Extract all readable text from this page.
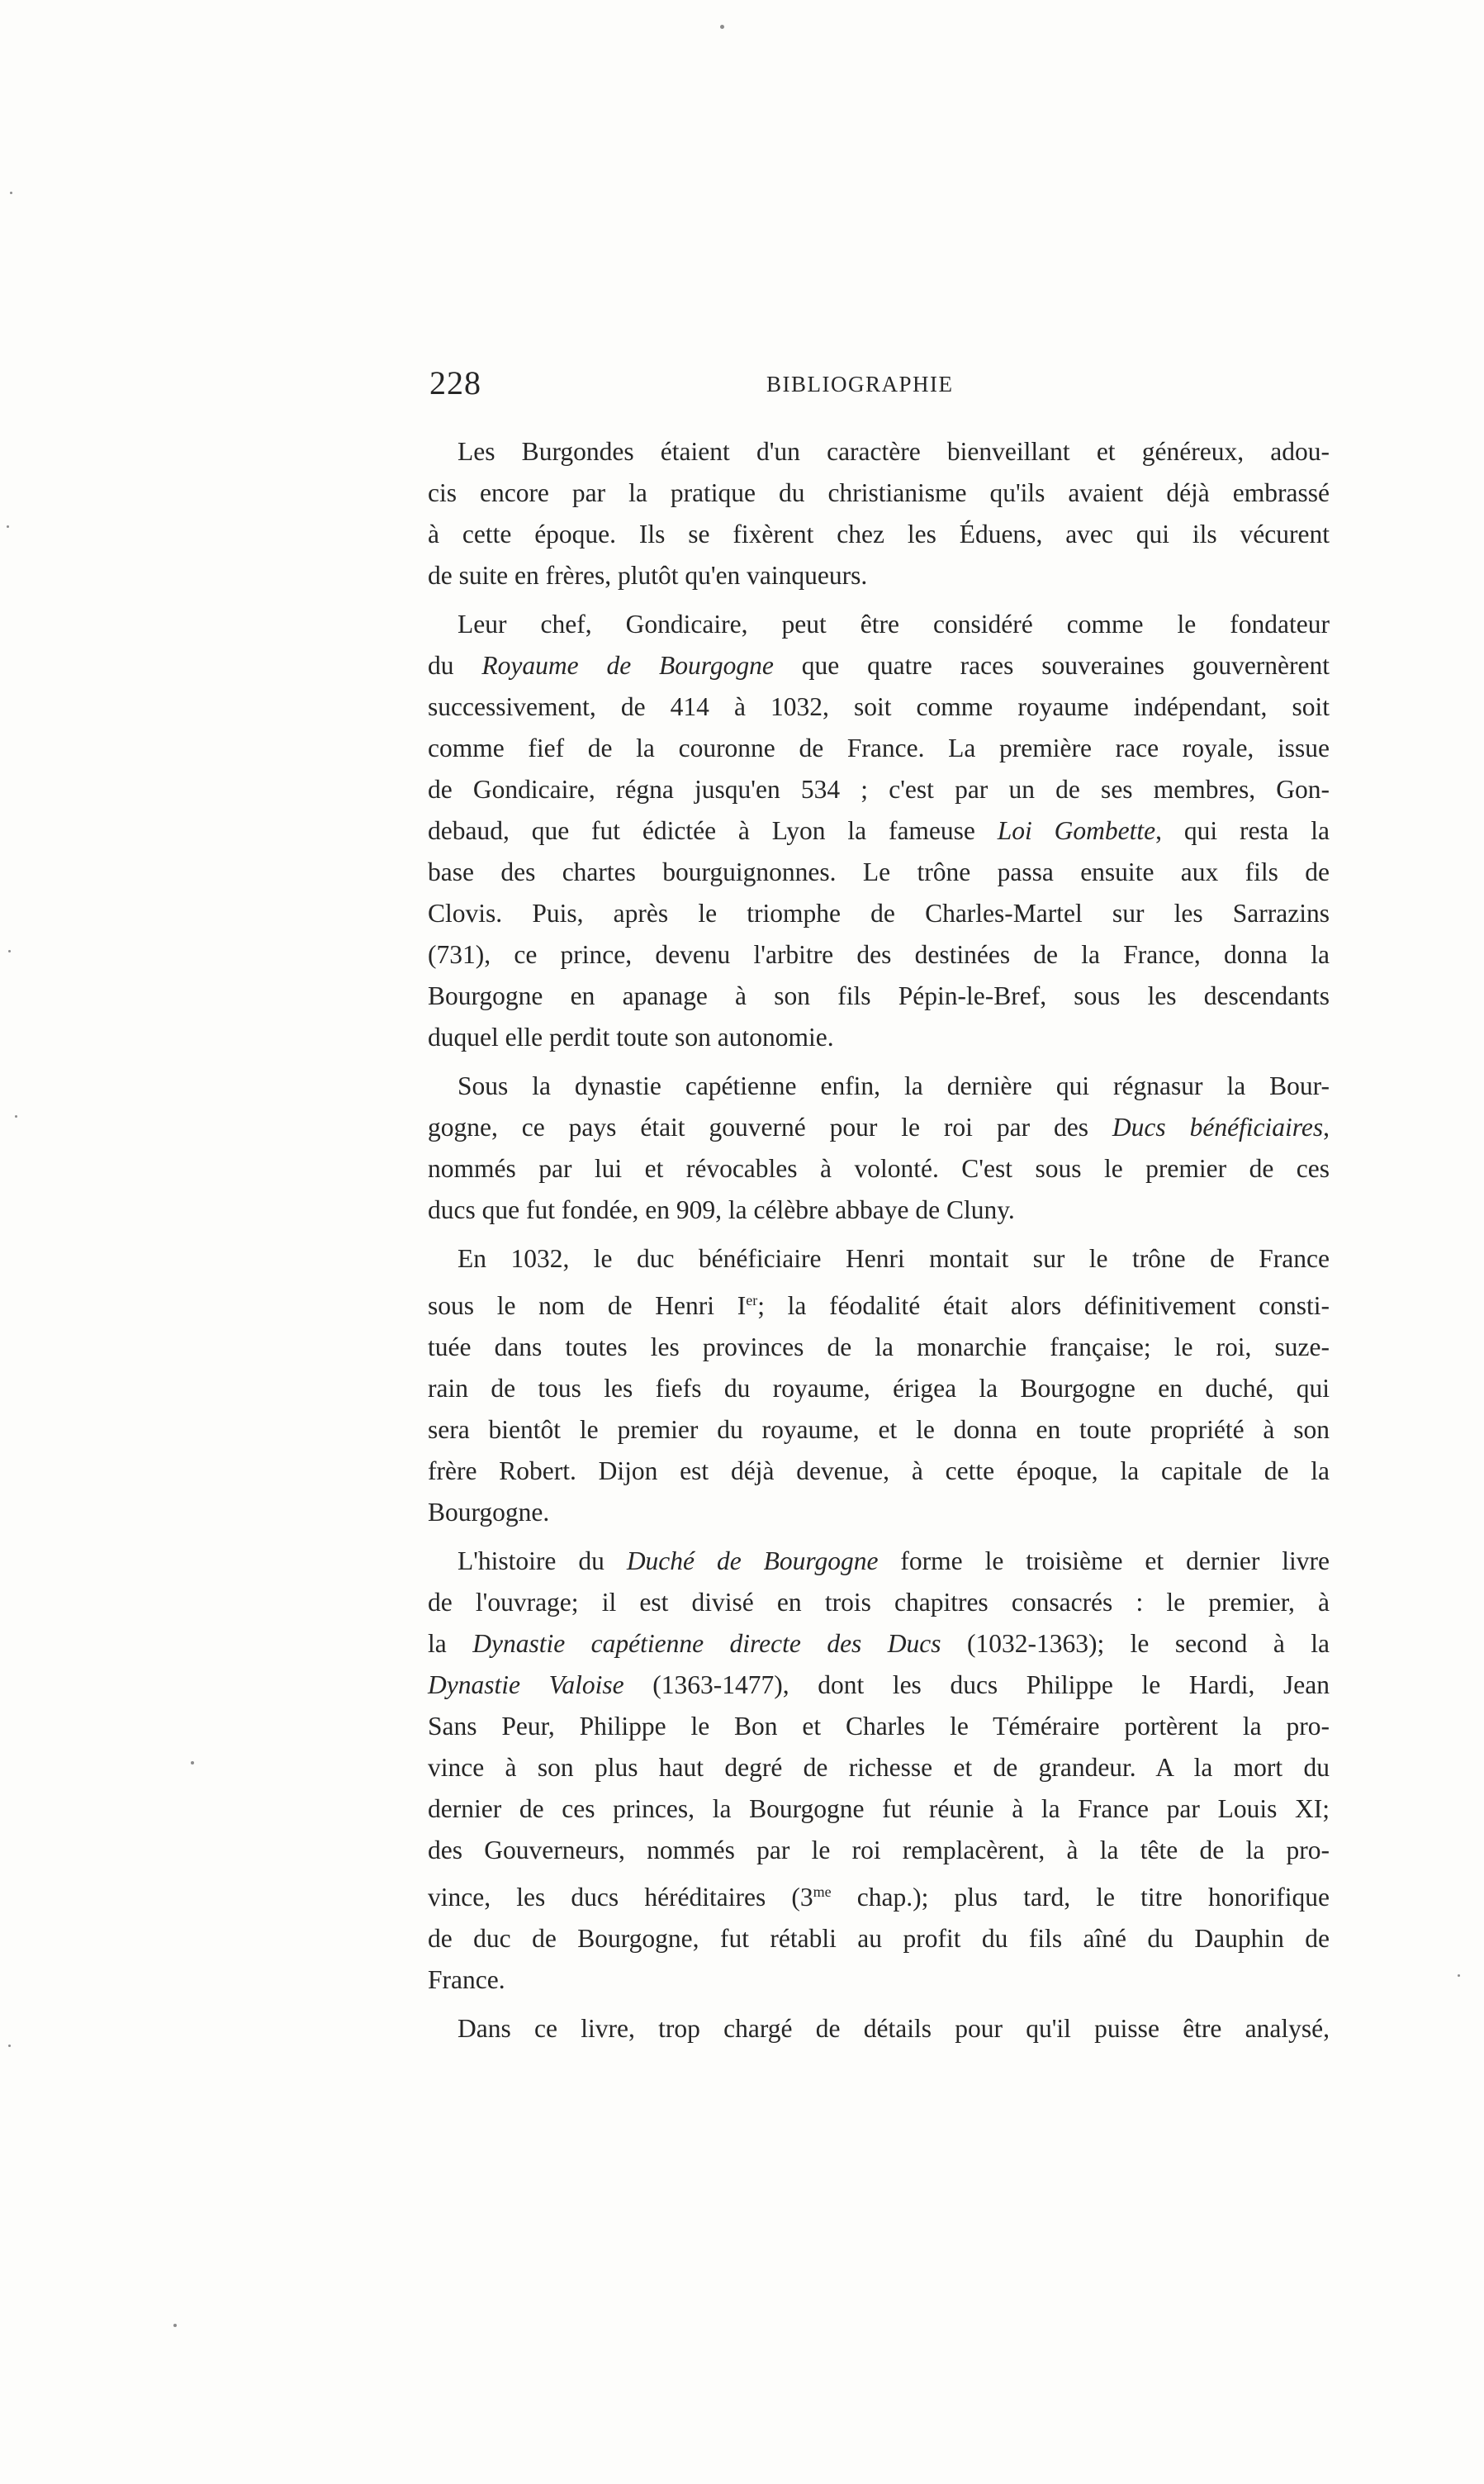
228	BIBLIOGRAPHIE

Les Burgondes étaient d'un caractère bienveillant et généreux, adou-
cis encore par la pratique du christianisme qu'ils avaient déjà embrassé
à cette époque. Ils se fixèrent chez les Éduens, avec qui ils vécurent
de suite en frères, plutôt qu'en vainqueurs.

Leur chef, Gondicaire, peut être considéré comme le fondateur
du Royaume de Bourgogne que quatre races souveraines gouvernèrent
successivement, de 414 à 1032, soit comme royaume indépendant, soit
comme fief de la couronne de France. La première race royale, issue
de Gondicaire, régna jusqu'en 534 ; c'est par un de ses membres, Gon-
debaud, que fut édictée à Lyon la fameuse Loi Gombette, qui resta la
base des chartes bourguignonnes. Le trône passa ensuite aux fils de
Clovis. Puis, après le triomphe de Charles-Martel sur les Sarrazins
(731), ce prince, devenu l'arbitre des destinées de la France, donna la
Bourgogne en apanage à son fils Pépin-le-Bref, sous les descendants
duquel elle perdit toute son autonomie.

Sous la dynastie capétienne enfin, la dernière qui régnasur la Bour-
gogne, ce pays était gouverné pour le roi par des Ducs bénéficiaires,
nommés par lui et révocables à volonté. C'est sous le premier de ces
ducs que fut fondée, en 909, la célèbre abbaye de Cluny.

En 1032, le duc bénéficiaire Henri montait sur le trône de France
sous le nom de Henri Ier; la féodalité était alors définitivement consti-
tuée dans toutes les provinces de la monarchie française; le roi, suze-
rain de tous les fiefs du royaume, érigea la Bourgogne en duché, qui
sera bientôt le premier du royaume, et le donna en toute propriété à son
frère Robert. Dijon est déjà devenue, à cette époque, la capitale de la
Bourgogne.

L'histoire du Duché de Bourgogne forme le troisième et dernier livre
de l'ouvrage; il est divisé en trois chapitres consacrés : le premier, à
la Dynastie capétienne directe des Ducs (1032-1363); le second à la
Dynastie Valoise (1363-1477), dont les ducs Philippe le Hardi, Jean
Sans Peur, Philippe le Bon et Charles le Téméraire portèrent la pro-
vince à son plus haut degré de richesse et de grandeur. A la mort du
dernier de ces princes, la Bourgogne fut réunie à la France par Louis XI;
des Gouverneurs, nommés par le roi remplacèrent, à la tête de la pro-
vince, les ducs héréditaires ($3^{me}$ chap.); plus tard, le titre honorifique
de duc de Bourgogne, fut rétabli au profit du fils aîné du Dauphin de
France.

Dans ce livre, trop chargé de détails pour qu'il puisse être analysé,
